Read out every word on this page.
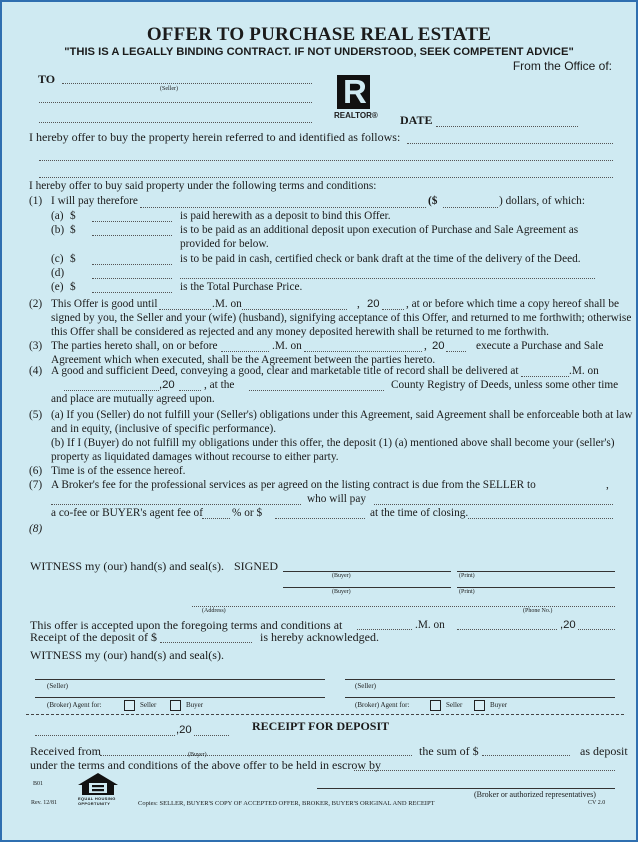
OFFER TO PURCHASE REAL ESTATE
"THIS IS A LEGALLY BINDING CONTRACT. IF NOT UNDERSTOOD, SEEK COMPETENT ADVICE"
From the Office of:
TO
(Seller)	R
REALTOR® DATE
I hereby offer to buy the property herein referred to and identified as follows:
I hereby offer to buy said property under the following terms and conditions:
(1) I will pay therefore	($	) dollars, of which:
(a) $	is paid herewith as a deposit to bind this Offer.
(b) $	is to be paid as an additional deposit upon execution of Purchase and Sale Agreement as
provided for below.
(c) $	is to be paid in cash, certified check or bank draft at the time of the delivery of the Deed.
(d)
(e) $	is the Total Purchase Price.
(2) This Offer is good until	.M. on	, 20 , at or before which time a copy hereof shall be
signed by you, the Seller and your (wife) (husband), signifying acceptance of this Offer, and returned to me forthwith; otherwise
this Offer shall be considered as rejected and any money deposited herewith shall be returned to me forthwith.
(3) The parties hereto shall, on or before	.M. on	, 20	execute a Purchase and Sale
Agreement which when executed, shall be the Agreement between the parties hereto.
(4) A good and sufficient Deed, conveying a good, clear and marketable title of record shall be delivered at	.M. on
,20	, at the	County Registry of Deeds, unless some other time
and place are mutually agreed upon.
(5) (a) If you (Seller) do not fulfill your (Seller's) obligations under this Agreement, said Agreement shall be enforceable both at law
and in equity, (inclusive of specific performance).
(b) If I (Buyer) do not fulfill my obligations under this offer, the deposit (1) (a) mentioned above shall become your (seller's)
property as liquidated damages without recourse to either party.
(6) Time is of the essence hereof.
(7) A Broker's fee for the professional services as per agreed on the listing contract is due from the SELLER to	,
who will pay
a co-fee or BUYER's agent fee of	% or $	at the time of closing.
(8)
WITNESS my (our) hand(s) and seal(s). SIGNED
(Buyer)	(Print)
(Buyer)	(Print)
(Address)	(Phone No.)
This offer is accepted upon the foregoing terms and conditions at	.M. on	,20
Receipt of the deposit of $	is hereby acknowledged.
WITNESS my (our) hand(s) and seal(s).
(Seller)	(Seller)
(Broker) Agent for:	Seller	Buyer	(Broker) Agent for:	Seller	Buyer
,20	RECEIPT FOR DEPOSIT
Received from	(Buyer)	the sum of $	as deposit
under the terms and conditions of the above offer to be held in escrow by
(Broker or authorized representatives)
B01
Rev. 12/81
EQUAL HOUSING
OPPORTUNITY	Copies: SELLER, BUYER'S COPY OF ACCEPTED OFFER, BROKER, BUYER'S ORIGINAL AND RECEIPT	CV 2.0
